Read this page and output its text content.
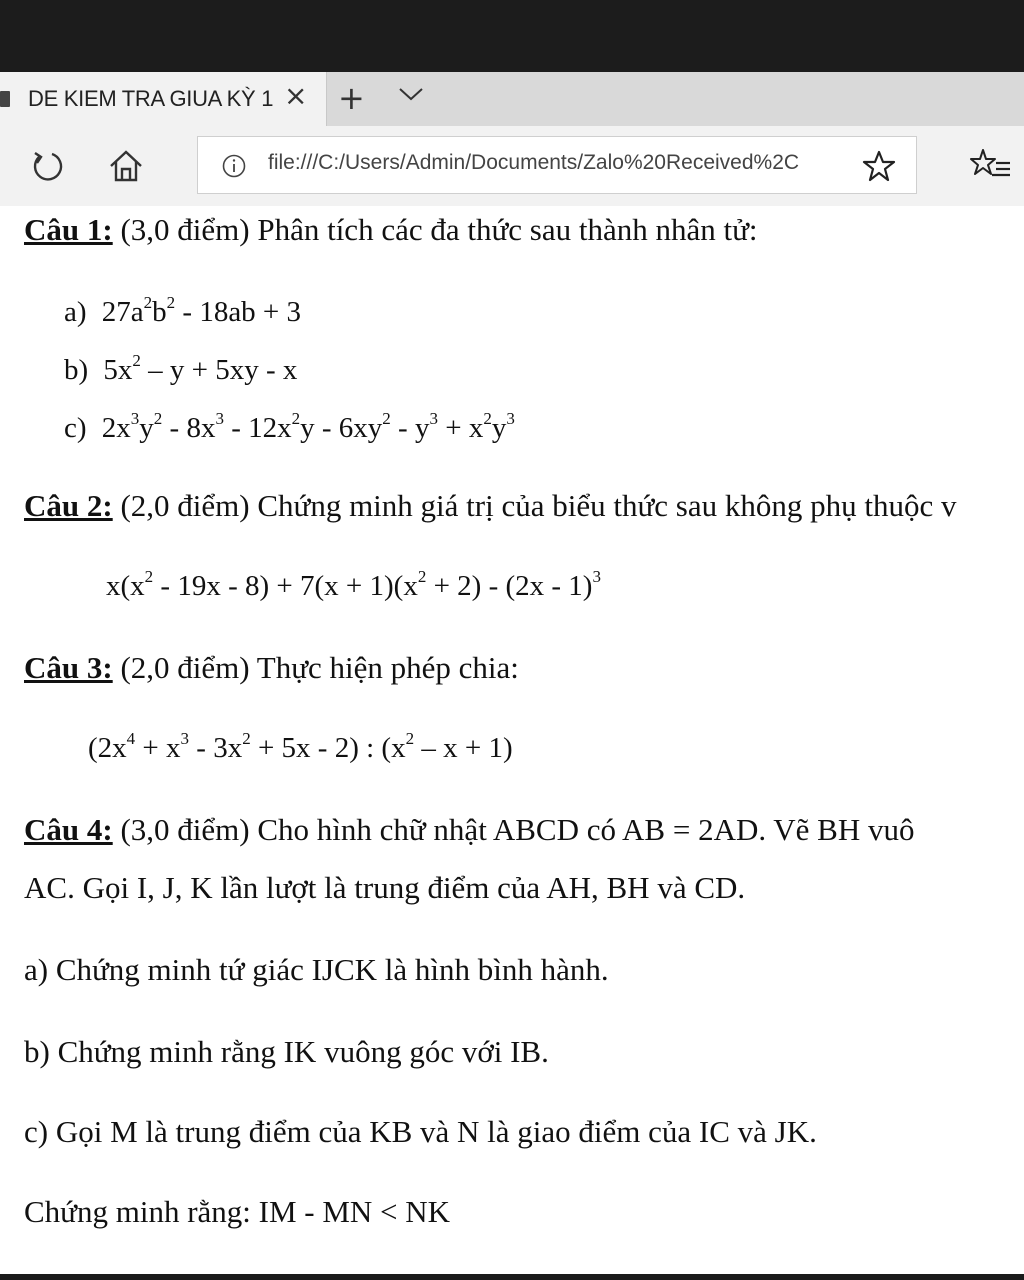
DE KIEM TRA GIUA KỲ 1 × +
file:///C:/Users/Admin/Documents/Zalo%20Received%2C
Câu 1: (3,0 điểm) Phân tích các đa thức sau thành nhân tử:
a) $27a^2b^2 - 18ab + 3$
b) $5x^2 - y + 5xy - x$
c) $2x^3y^2 - 8x^3 - 12x^2y - 6xy^2 - y^3 + x^2y^3$
Câu 2: (2,0 điểm) Chứng minh giá trị của biểu thức sau không phụ thuộc v
$x(x^2 - 19x - 8) + 7(x + 1)(x^2 + 2) - (2x - 1)^3$
Câu 3: (2,0 điểm) Thực hiện phép chia:
$(2x^4 + x^3 - 3x^2 + 5x - 2)$ : $(x^2 - x + 1)$
Câu 4: (3,0 điểm) Cho hình chữ nhật ABCD có AB = 2AD. Vẽ BH vuô
AC. Gọi I, J, K lần lượt là trung điểm của AH, BH và CD.
a) Chứng minh tứ giác IJCK là hình bình hành.
b) Chứng minh rằng IK vuông góc với IB.
c) Gọi M là trung điểm của KB và N là giao điểm của IC và JK.
Chứng minh rằng: IM - MN < NK
